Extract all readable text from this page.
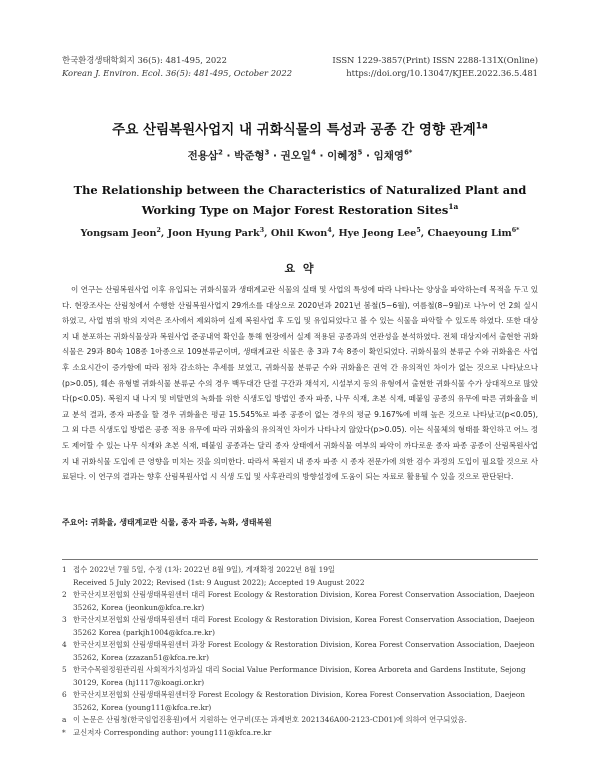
한국환경생태학회지 36(5): 481-495, 2022
Korean J. Environ. Ecol. 36(5): 481-495, October 2022
ISSN 1229-3857(Print) ISSN 2288-131X(Online)
https://doi.org/10.13047/KJEE.2022.36.5.481
주요 산림복원사업지 내 귀화식물의 특성과 공종 간 영향 관계$^{1a}$
전용삼$^2$ · 박준형$^3$ · 권오일$^4$ · 이혜정$^5$ · 임채영$^{6*}$
The Relationship between the Characteristics of Naturalized Plant and Working Type on Major Forest Restoration Sites$^{1a}$
Yongsam Jeon$^2$, Joon Hyung Park$^3$, Ohil Kwon$^4$, Hye Jeong Lee$^5$, Chaeyoung Lim$^{6*}$
요 약

이 연구는 산림복원사업 이후 유입되는 귀화식물과 생태계교란 식물의 실태 및 사업의 특성에 따라 나타나는 양상을 파악하는데 목적을 두고 있다. 현장조사는 산림청에서 수행한 산림복원사업지 29개소를 대상으로 2020년과 2021년 봄철(5~6월), 여름철(8~9월)로 나누어 연 2회 실시하였고, 사업 범위 밖의 지역은 조사에서 제외하여 실제 복원사업 후 도입 및 유입되었다고 볼 수 있는 식물을 파악할 수 있도록 하였다. 또한 대상지 내 분포하는 귀화식물상과 복원사업 준공내역 확인을 통해 현장에서 실제 적용된 공종과의 연관성을 분석하였다. 전체 대상지에서 출현한 귀화식물은 29과 80속 108종 1아종으로 109분류군이며, 생태계교란 식물은 총 3과 7속 8종이 확인되었다. 귀화식물의 분류군 수와 귀화율은 사업 후 소요시간이 증가함에 따라 점차 감소하는 추세를 보였고, 귀화식물 분류군 수와 귀화율은 권역 간 유의적인 차이가 없는 것으로 나타났으나(p>0.05), 훼손 유형별 귀화식물 분류군 수의 경우 백두대간 단절 구간과 채석지, 시설부지 등의 유형에서 출현한 귀화식물 수가 상대적으로 많았다(p<0.05). 복원지 내 나지 및 비탈면의 녹화를 위한 식생도입 방법인 종자 파종, 나무 식재, 초본 식재, 떼붙임 공종의 유무에 따른 귀화율을 비교 분석 결과, 종자 파종을 할 경우 귀화율은 평균 15.545%로 파종 공종이 없는 경우의 평균 9.167%에 비해 높은 것으로 나타났고(p<0.05), 그 외 다른 식생도입 방법은 공종 적용 유무에 따라 귀화율의 유의적인 차이가 나타나지 않았다(p>0.05). 이는 식물체의 형태를 확인하고 어느 정도 제어할 수 있는 나무 식재와 초본 식재, 떼붙임 공종과는 달리 종자 상태에서 귀화식물 여부의 파악이 까다로운 종자 파종 공종이 산림복원사업지 내 귀화식물 도입에 큰 영향을 미치는 것을 의미한다. 따라서 복원지 내 종자 파종 시 종자 전문가에 의한 검수 과정의 도입이 필요할 것으로 사료된다. 이 연구의 결과는 향후 산림복원사업 시 식생 도입 및 사후관리의 방향설정에 도움이 되는 자료로 활용될 수 있을 것으로 판단된다.

주요어: 귀화율, 생태계교란 식물, 종자 파종, 녹화, 생태복원
1 접수 2022년 7월 5일, 수정 (1차: 2022년 8월 9일), 게재확정 2022년 8월 19일
Received 5 July 2022; Revised (1st: 9 August 2022); Accepted 19 August 2022
2 한국산지보전협회 산림생태복원센터 대리 Forest Ecology & Restoration Division, Korea Forest Conservation Association, Daejeon 35262, Korea (jeonkun@kfca.re.kr)
3 한국산지보전협회 산림생태복원센터 대리 Forest Ecology & Restoration Division, Korea Forest Conservation Association, Daejeon 35262 Korea (parkjh1004@kfca.re.kr)
4 한국산지보전협회 산림생태복원센터 과장 Forest Ecology & Restoration Division, Korea Forest Conservation Association, Daejeon 35262, Korea (zzazan51@kfca.re.kr)
5 한국수목원정원관리원 사회적가치성과실 대리 Social Value Performance Division, Korea Arboreta and Gardens Institute, Sejong 30129, Korea (hj1117@koagi.or.kr)
6 한국산지보전협회 산림생태복원센터장 Forest Ecology & Restoration Division, Korea Forest Conservation Association, Daejeon 35262, Korea (young111@kfca.re.kr)
a 이 논문은 산림청(한국임업진흥원)에서 지원하는 연구비(또는 과제번호 2021346A00-2123-CD01)에 의하여 연구되었음.
* 교신저자 Corresponding author: young111@kfca.re.kr
